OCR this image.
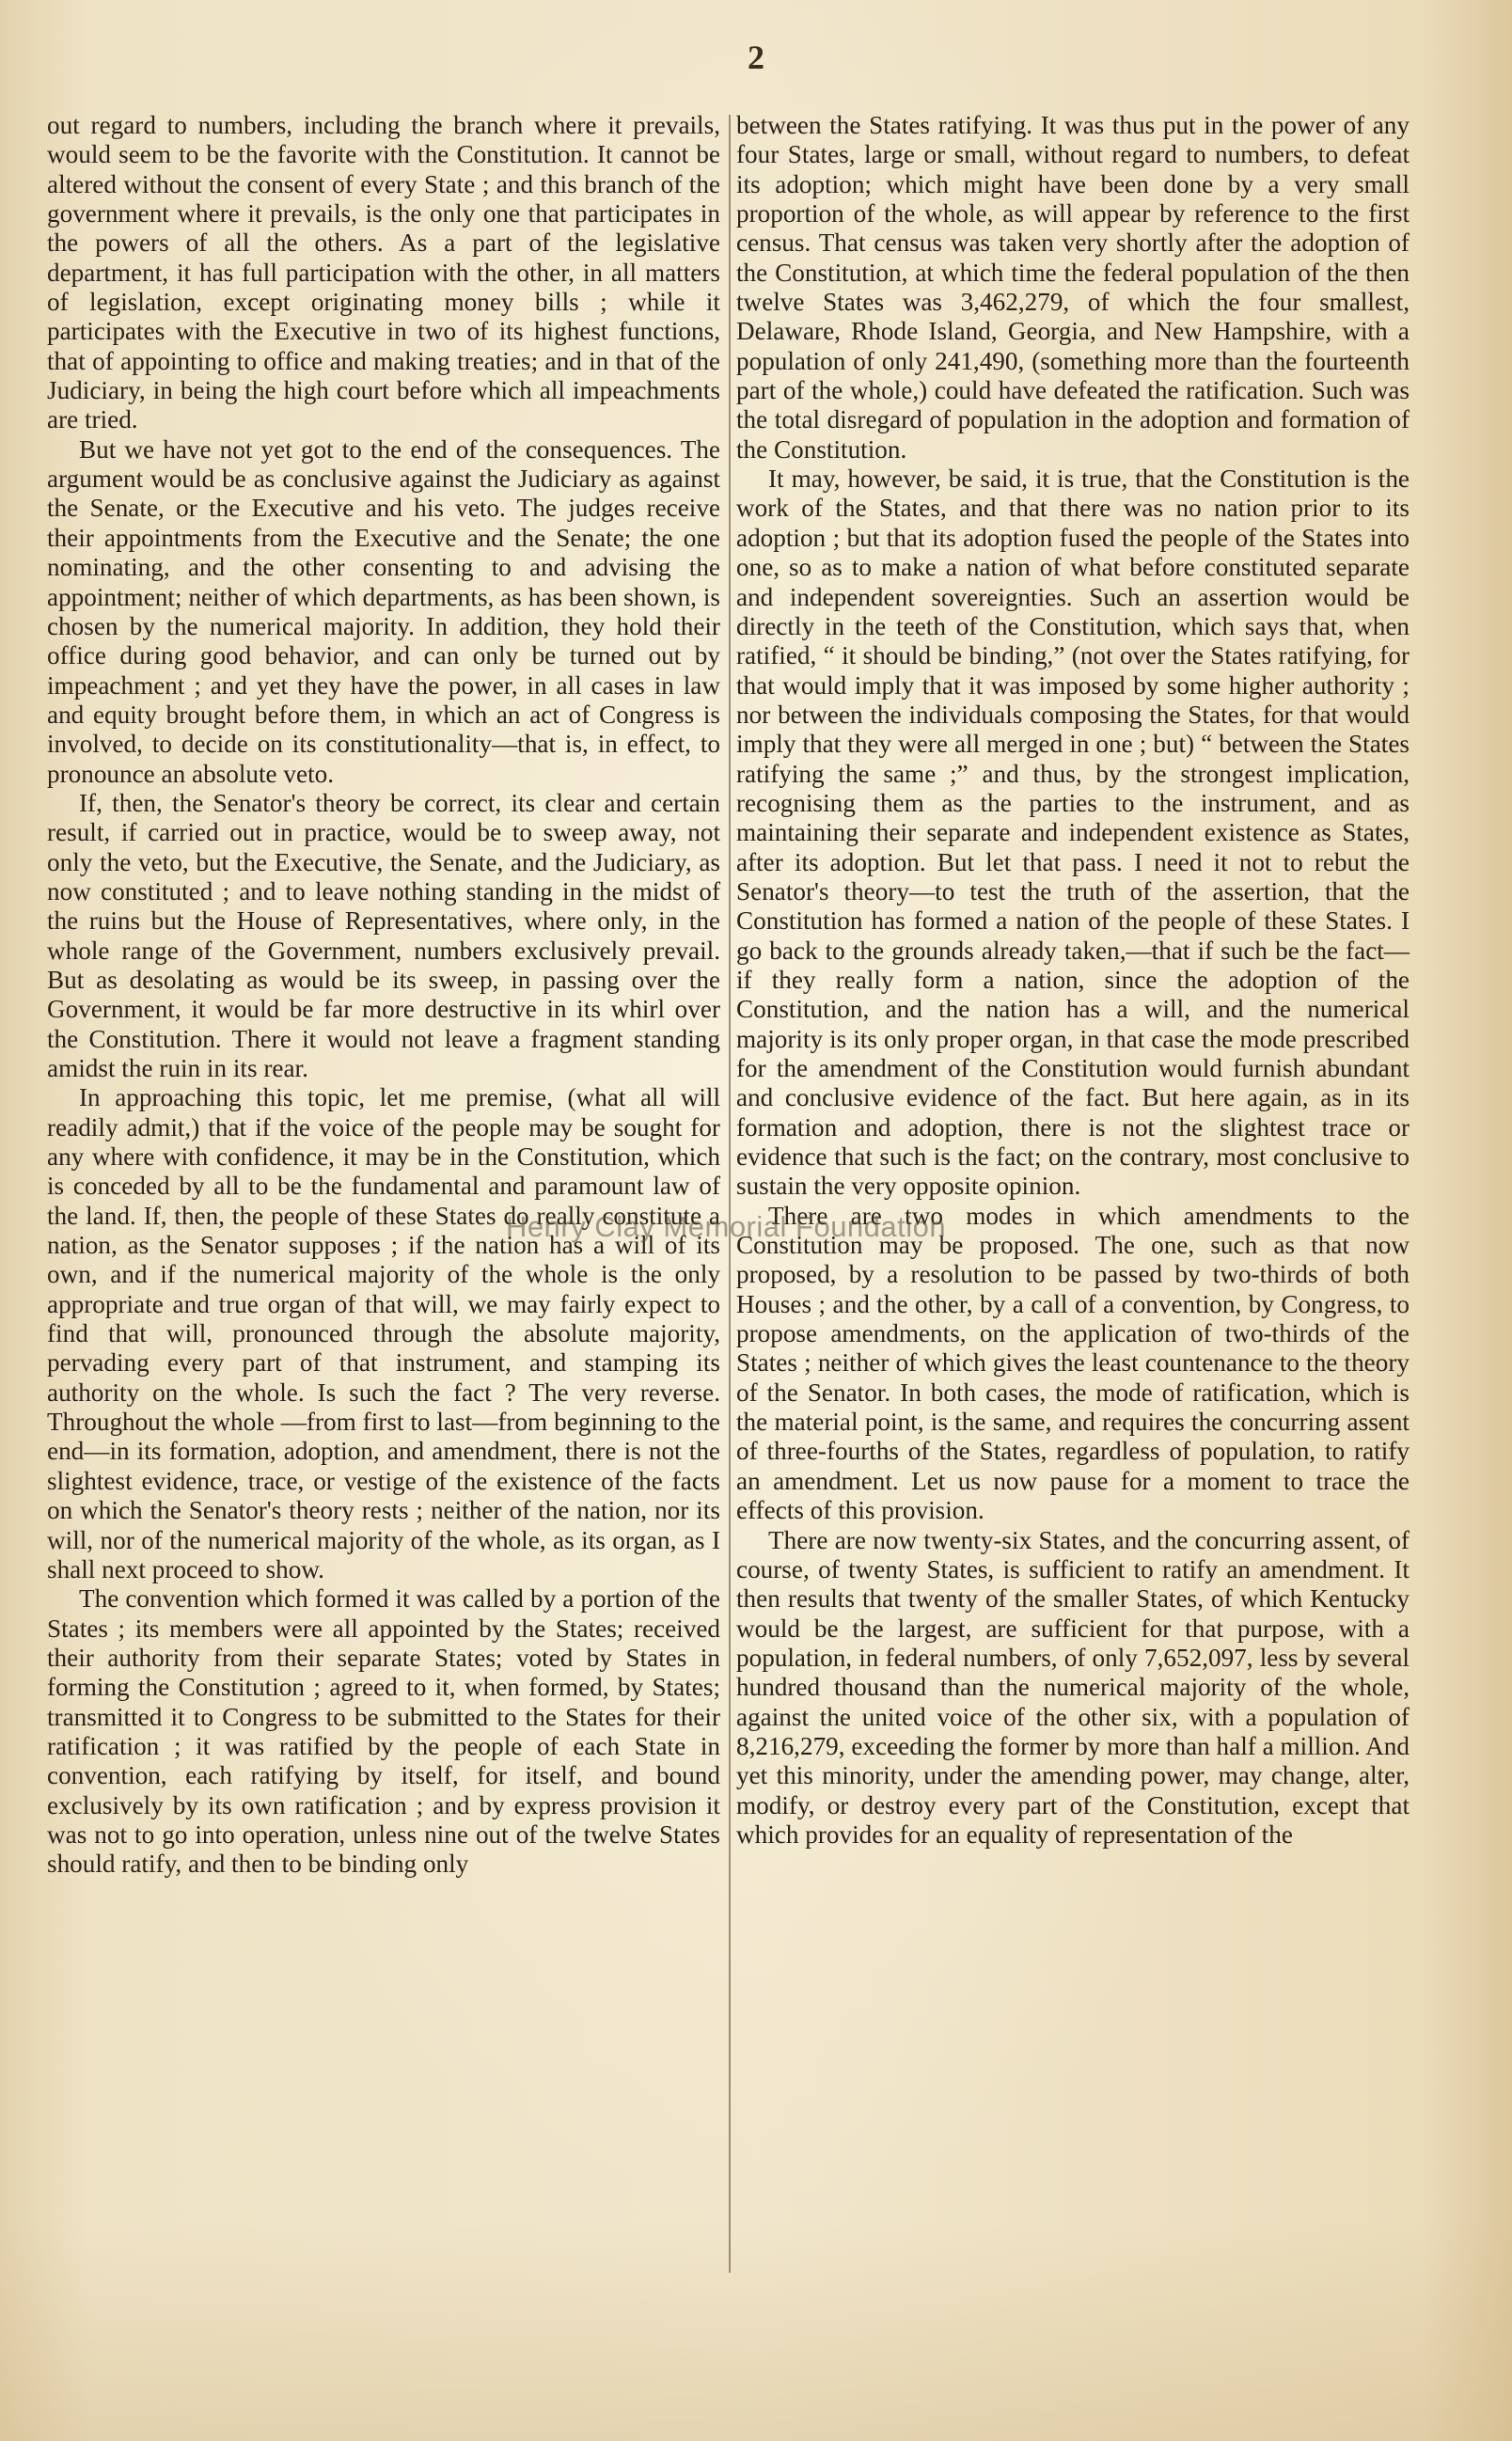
2

out regard to numbers, including the branch where it prevails, would seem to be the favorite with the Constitution. It cannot be altered without the consent of every State ; and this branch of the government where it prevails, is the only one that participates in the powers of all the others. As a part of the legislative department, it has full participation with the other, in all matters of legislation, except originating money bills ; while it participates with the Executive in two of its highest functions, that of appointing to office and making treaties; and in that of the Judiciary, in being the high court before which all impeachments are tried.

But we have not yet got to the end of the consequences. The argument would be as conclusive against the Judiciary as against the Senate, or the Executive and his veto. The judges receive their appointments from the Executive and the Senate; the one nominating, and the other consenting to and advising the appointment; neither of which departments, as has been shown, is chosen by the numerical majority. In addition, they hold their office during good behavior, and can only be turned out by impeachment ; and yet they have the power, in all cases in law and equity brought before them, in which an act of Congress is involved, to decide on its constitutionality—that is, in effect, to pronounce an absolute veto.

If, then, the Senator's theory be correct, its clear and certain result, if carried out in practice, would be to sweep away, not only the veto, but the Executive, the Senate, and the Judiciary, as now constituted ; and to leave nothing standing in the midst of the ruins but the House of Representatives, where only, in the whole range of the Government, numbers exclusively prevail. But as desolating as would be its sweep, in passing over the Government, it would be far more destructive in its whirl over the Constitution. There it would not leave a fragment standing amidst the ruin in its rear.

In approaching this topic, let me premise, (what all will readily admit,) that if the voice of the people may be sought for any where with confidence, it may be in the Constitution, which is conceded by all to be the fundamental and paramount law of the land. If, then, the people of these States do really constitute a nation, as the Senator supposes ; if the nation has a will of its own, and if the numerical majority of the whole is the only appropriate and true organ of that will, we may fairly expect to find that will, pronounced through the absolute majority, pervading every part of that instrument, and stamping its authority on the whole. Is such the fact ? The very reverse. Throughout the whole —from first to last—from beginning to the end—in its formation, adoption, and amendment, there is not the slightest evidence, trace, or vestige of the existence of the facts on which the Senator's theory rests ; neither of the nation, nor its will, nor of the numerical majority of the whole, as its organ, as I shall next proceed to show.

The convention which formed it was called by a portion of the States ; its members were all appointed by the States; received their authority from their separate States; voted by States in forming the Constitution ; agreed to it, when formed, by States; transmitted it to Congress to be submitted to the States for their ratification ; it was ratified by the people of each State in convention, each ratifying by itself, for itself, and bound exclusively by its own ratification ; and by express provision it was not to go into operation, unless nine out of the twelve States should ratify, and then to be binding only

between the States ratifying. It was thus put in the power of any four States, large or small, without regard to numbers, to defeat its adoption; which might have been done by a very small proportion of the whole, as will appear by reference to the first census. That census was taken very shortly after the adoption of the Constitution, at which time the federal population of the then twelve States was 3,462,279, of which the four smallest, Delaware, Rhode Island, Georgia, and New Hampshire, with a population of only 241,490, (something more than the fourteenth part of the whole,) could have defeated the ratification. Such was the total disregard of population in the adoption and formation of the Constitution.

It may, however, be said, it is true, that the Constitution is the work of the States, and that there was no nation prior to its adoption ; but that its adoption fused the people of the States into one, so as to make a nation of what before constituted separate and independent sovereignties. Such an assertion would be directly in the teeth of the Constitution, which says that, when ratified, “ it should be binding,” (not over the States ratifying, for that would imply that it was imposed by some higher authority ; nor between the individuals composing the States, for that would imply that they were all merged in one ; but) “ between the States ratifying the same ;” and thus, by the strongest implication, recognising them as the parties to the instrument, and as maintaining their separate and independent existence as States, after its adoption. But let that pass. I need it not to rebut the Senator's theory—to test the truth of the assertion, that the Constitution has formed a nation of the people of these States. I go back to the grounds already taken,—that if such be the fact—if they really form a nation, since the adoption of the Constitution, and the nation has a will, and the numerical majority is its only proper organ, in that case the mode prescribed for the amendment of the Constitution would furnish abundant and conclusive evidence of the fact. But here again, as in its formation and adoption, there is not the slightest trace or evidence that such is the fact; on the contrary, most conclusive to sustain the very opposite opinion.

There are two modes in which amendments to the Constitution may be proposed. The one, such as that now proposed, by a resolution to be passed by two-thirds of both Houses ; and the other, by a call of a convention, by Congress, to propose amendments, on the application of two-thirds of the States ; neither of which gives the least countenance to the theory of the Senator. In both cases, the mode of ratification, which is the material point, is the same, and requires the concurring assent of three-fourths of the States, regardless of population, to ratify an amendment. Let us now pause for a moment to trace the effects of this provision.

There are now twenty-six States, and the concurring assent, of course, of twenty States, is sufficient to ratify an amendment. It then results that twenty of the smaller States, of which Kentucky would be the largest, are sufficient for that purpose, with a population, in federal numbers, of only 7,652,097, less by several hundred thousand than the numerical majority of the whole, against the united voice of the other six, with a population of 8,216,279, exceeding the former by more than half a million. And yet this minority, under the amending power, may change, alter, modify, or destroy every part of the Constitution, except that which provides for an equality of representation of the

Henry Clay Memorial Foundation
